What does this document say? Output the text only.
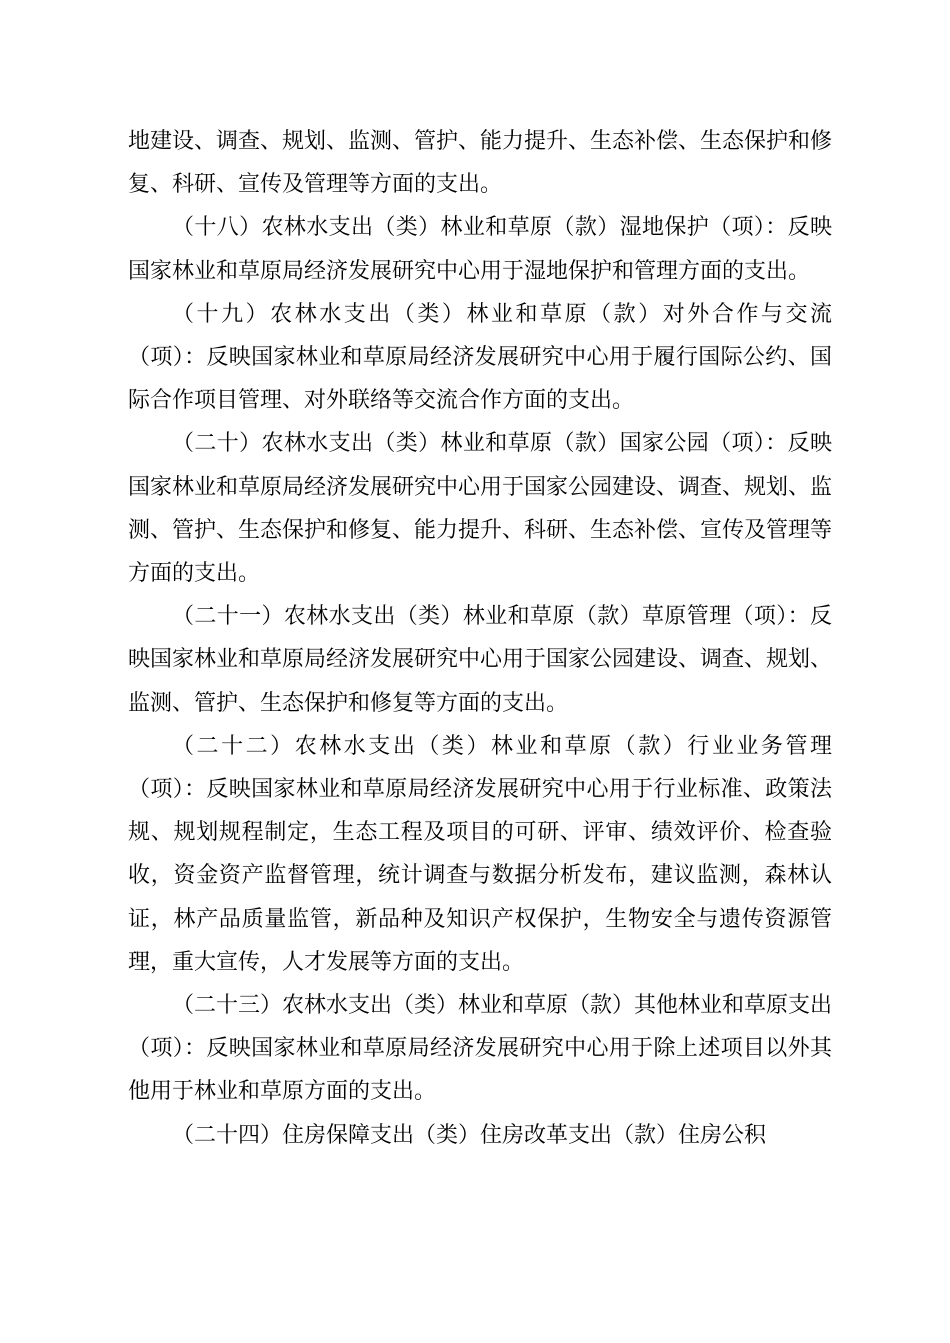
地建设、调查、规划、监测、管护、能力提升、生态补偿、生态保护和修复、科研、宣传及管理等方面的支出。

（十八）农林水支出（类）林业和草原（款）湿地保护（项）：反映国家林业和草原局经济发展研究中心用于湿地保护和管理方面的支出。

（十九）农林水支出（类）林业和草原（款）对外合作与交流（项）：反映国家林业和草原局经济发展研究中心用于履行国际公约、国际合作项目管理、对外联络等交流合作方面的支出。

（二十）农林水支出（类）林业和草原（款）国家公园（项）：反映国家林业和草原局经济发展研究中心用于国家公园建设、调查、规划、监测、管护、生态保护和修复、能力提升、科研、生态补偿、宣传及管理等方面的支出。

（二十一）农林水支出（类）林业和草原（款）草原管理（项）：反映国家林业和草原局经济发展研究中心用于国家公园建设、调查、规划、监测、管护、生态保护和修复等方面的支出。

（二十二）农林水支出（类）林业和草原（款）行业业务管理（项）：反映国家林业和草原局经济发展研究中心用于行业标准、政策法规、规划规程制定，生态工程及项目的可研、评审、绩效评价、检查验收，资金资产监督管理，统计调查与数据分析发布，建议监测，森林认证，林产品质量监管，新品种及知识产权保护，生物安全与遗传资源管理，重大宣传，人才发展等方面的支出。

（二十三）农林水支出（类）林业和草原（款）其他林业和草原支出（项）：反映国家林业和草原局经济发展研究中心用于除上述项目以外其他用于林业和草原方面的支出。

（二十四）住房保障支出（类）住房改革支出（款）住房公积
